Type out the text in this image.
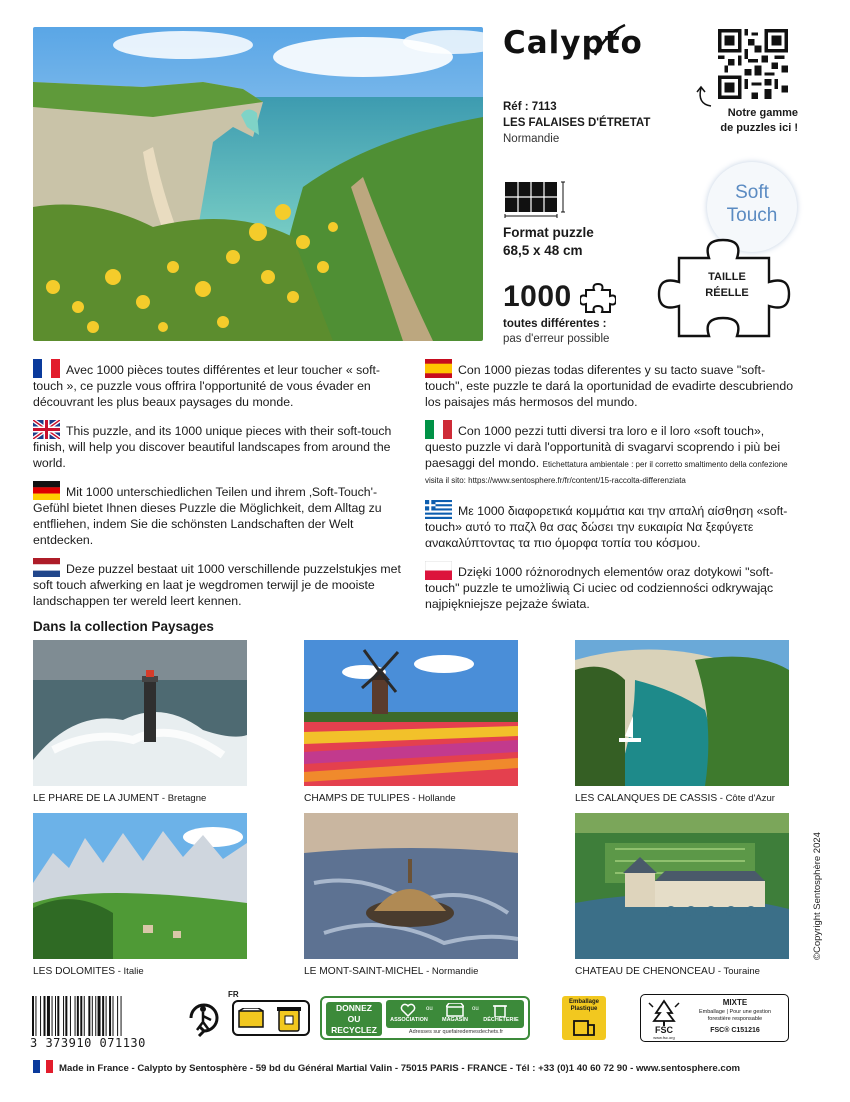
Calypto
Réf : 7113
LES FALAISES D'ÉTRETAT
Normandie
Notre gamme
de puzzles ici !
Format puzzle
68,5 x 48 cm
1000
toutes différentes :
pas d'erreur possible
Soft
Touch
TAILLE
RÉELLE
Avec 1000 pièces toutes différentes et leur toucher « soft-touch », ce puzzle vous offrira l'opportunité de vous évader en découvrant les plus beaux paysages du monde.
This puzzle, and its 1000 unique pieces with their soft-touch finish, will help you discover beautiful landscapes from around the world.
Mit 1000 unterschiedlichen Teilen und ihrem ‚Soft-Touch'-Gefühl bietet Ihnen dieses Puzzle die Möglichkeit, dem Alltag zu entfliehen, indem Sie die schönsten Landschaften der Welt entdecken.
Deze puzzel bestaat uit 1000 verschillende puzzelstukjes met soft touch afwerking en laat je wegdromen terwijl je de mooiste landschappen ter wereld leert kennen.
Con 1000 piezas todas diferentes y su tacto suave "soft-touch", este puzzle te dará la oportunidad de evadirte descubriendo los paisajes más hermosos del mundo.
Con 1000 pezzi tutti diversi tra loro e il loro «soft touch», questo puzzle vi darà l'opportunità di svagarvi scoprendo i più bei paesaggi del mondo. Etichettatura ambientale : per il corretto smaltimento della confezione visita il sito: https://www.sentosphere.fr/fr/content/15-raccolta-differenziata
Με 1000 διαφορετικά κομμάτια και την απαλή αίσθηση «soft-touch» αυτό το παζλ θα σας δώσει την ευκαιρία Να ξεφύγετε ανακαλύπτοντας τα πιο όμορφα τοπία του κόσμου.
Dzięki 1000 różnorodnych elementów oraz dotykowi "soft-touch" puzzle te umożliwią Ci uciec od codzienności odkrywając najpiękniejsze pejzaże świata.
Dans la collection Paysages
LE PHARE DE LA JUMENT - Bretagne	CHAMPS DE TULIPES - Hollande	LES CALANQUES DE CASSIS - Côte d'Azur
LES DOLOMITES - Italie	LE MONT-SAINT-MICHEL - Normandie	CHATEAU DE CHENONCEAU - Touraine
©Copyright Sentosphère 2024
3 373910 071130
FR
DONNEZ
OU
RECYCLEZ
ASSOCIATION	MAGASIN	DÉCHÈTERIE
ou	ou
Adresses sur quefairedemesdechets.fr
Emballage
Plastique
FSC
www.fsc.org
MIXTE
Emballage | Pour une gestion
forestière responsable
FSC® C151216
Made in France - Calypto by Sentosphère - 59 bd du Général Martial Valin - 75015 PARIS - FRANCE - Tél : +33 (0)1 40 60 72 90 - www.sentosphere.com
